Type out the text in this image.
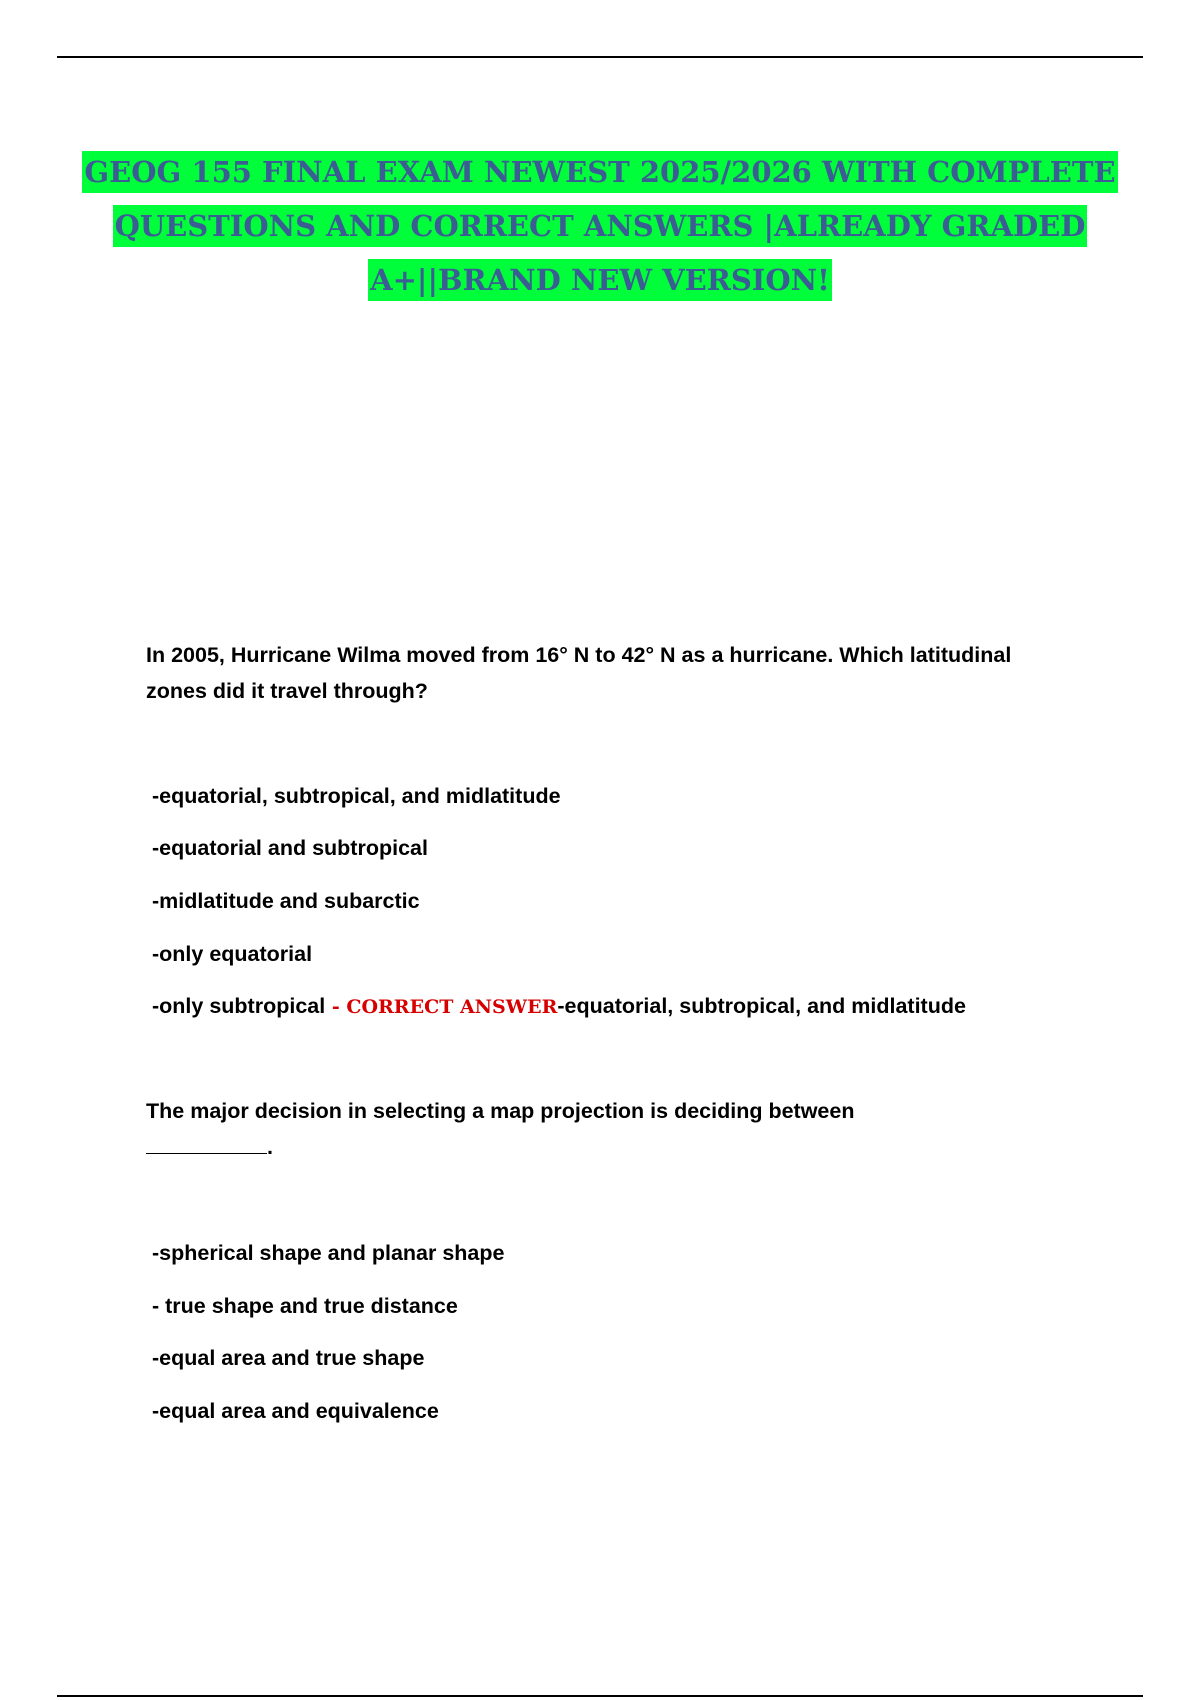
GEOG 155 FINAL EXAM NEWEST 2025/2026 WITH COMPLETE
QUESTIONS AND CORRECT ANSWERS |ALREADY GRADED
A+||BRAND NEW VERSION!
In 2005, Hurricane Wilma moved from 16° N to 42° N as a hurricane. Which latitudinal zones did it travel through?
-equatorial, subtropical, and midlatitude
-equatorial and subtropical
-midlatitude and subarctic
-only equatorial
-only subtropical - CORRECT ANSWER-equatorial, subtropical, and midlatitude
The major decision in selecting a map projection is deciding between
.
-spherical shape and planar shape
- true shape and true distance
-equal area and true shape
-equal area and equivalence
